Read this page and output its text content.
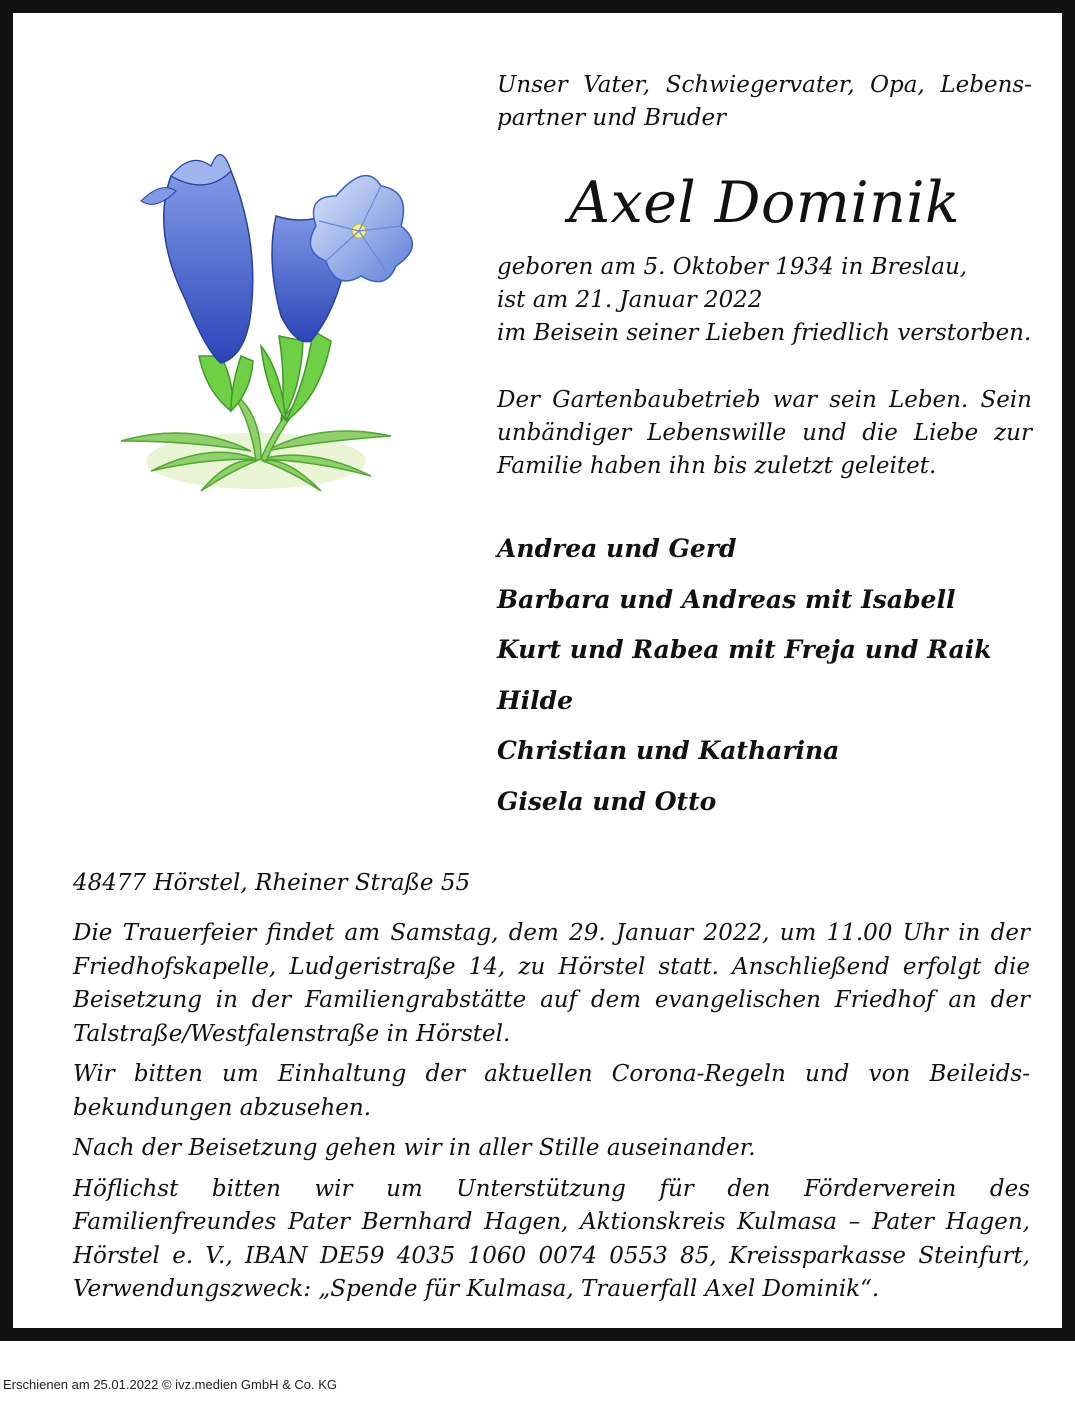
Unser Vater, Schwiegervater, Opa, Lebens-partner und Bruder
Axel Dominik
geboren am 5. Oktober 1934 in Breslau,
ist am 21. Januar 2022
im Beisein seiner Lieben friedlich verstorben.
Der Gartenbaubetrieb war sein Leben. Sein unbändiger Lebenswille und die Liebe zur Familie haben ihn bis zuletzt geleitet.
Andrea und Gerd
Barbara und Andreas mit Isabell
Kurt und Rabea mit Freja und Raik
Hilde
Christian und Katharina
Gisela und Otto
48477 Hörstel, Rheiner Straße 55

Die Trauerfeier findet am Samstag, dem 29. Januar 2022, um 11.00 Uhr in der Friedhofskapelle, Ludgeristraße 14, zu Hörstel statt. Anschließend erfolgt die Beisetzung in der Familiengrabstätte auf dem evangelischen Friedhof an der Talstraße/Westfalenstraße in Hörstel.

Wir bitten um Einhaltung der aktuellen Corona-Regeln und von Beileids-bekundungen abzusehen.

Nach der Beisetzung gehen wir in aller Stille auseinander.

Höflichst bitten wir um Unterstützung für den Förderverein des Familienfreundes Pater Bernhard Hagen, Aktionskreis Kulmasa – Pater Hagen, Hörstel e. V., IBAN DE59 4035 1060 0074 0553 85, Kreissparkasse Steinfurt, Verwendungszweck: „Spende für Kulmasa, Trauerfall Axel Dominik“.

Erschienen am 25.01.2022 © ivz.medien GmbH & Co. KG
